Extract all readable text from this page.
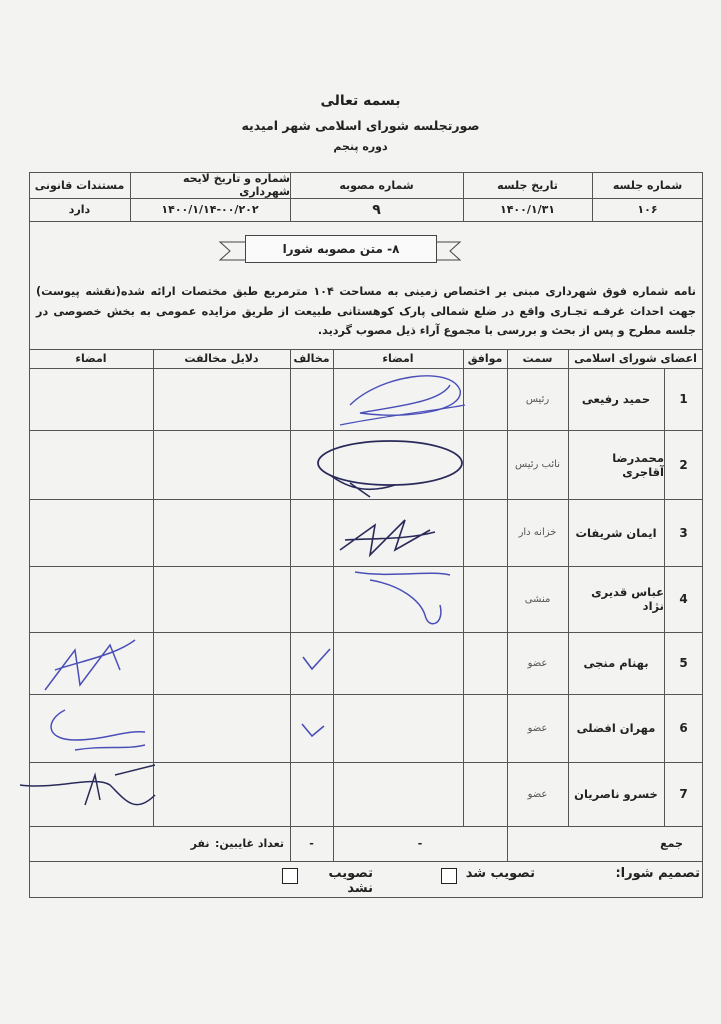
بسمه تعالی
صورتجلسه شورای اسلامی شهر امیدیه
دوره پنجم
شماره جلسه
تاریخ جلسه
شماره مصوبه
شماره و تاریخ لایحه شهرداری
مستندات قانونی
۱۰۶
۱۴۰۰/۱/۳۱
۹
۱۴۰۰/۱/۱۴-۰۰/۲۰۲
دارد
۸- متن مصوبه شورا
نامه شماره فوق شهرداری مبنی بر اختصاص زمینی به مساحت ۱۰۴ مترمربع طبق مختصات ارائه شده(نقشه پیوست) جهت احداث غرفـه تجـاری واقع در ضلع شمالی پارک کوهستانی طبیعت از طریق مزایده عمومی به بخش خصوصی در جلسه مطرح و پس از بحث و بررسی با مجموع آراء ذیل مصوب گردید.
اعضای شورای اسلامی
سمت
موافق
امضاء
مخالف
دلایل مخالفت
امضاء
1
حمید رفیعی
رئیس
2
محمدرضا آقاجری
نائب رئیس
3
ایمان شریفات
خزانه دار
4
عباس قدیری نژاد
منشی
5
بهنام منجی
عضو
6
مهران افضلی
عضو
7
خسرو ناصریان
عضو
جمع
-
-
تعداد غایبین:
نفر
تصمیم شورا:
تصویب شد
تصویب نشد
